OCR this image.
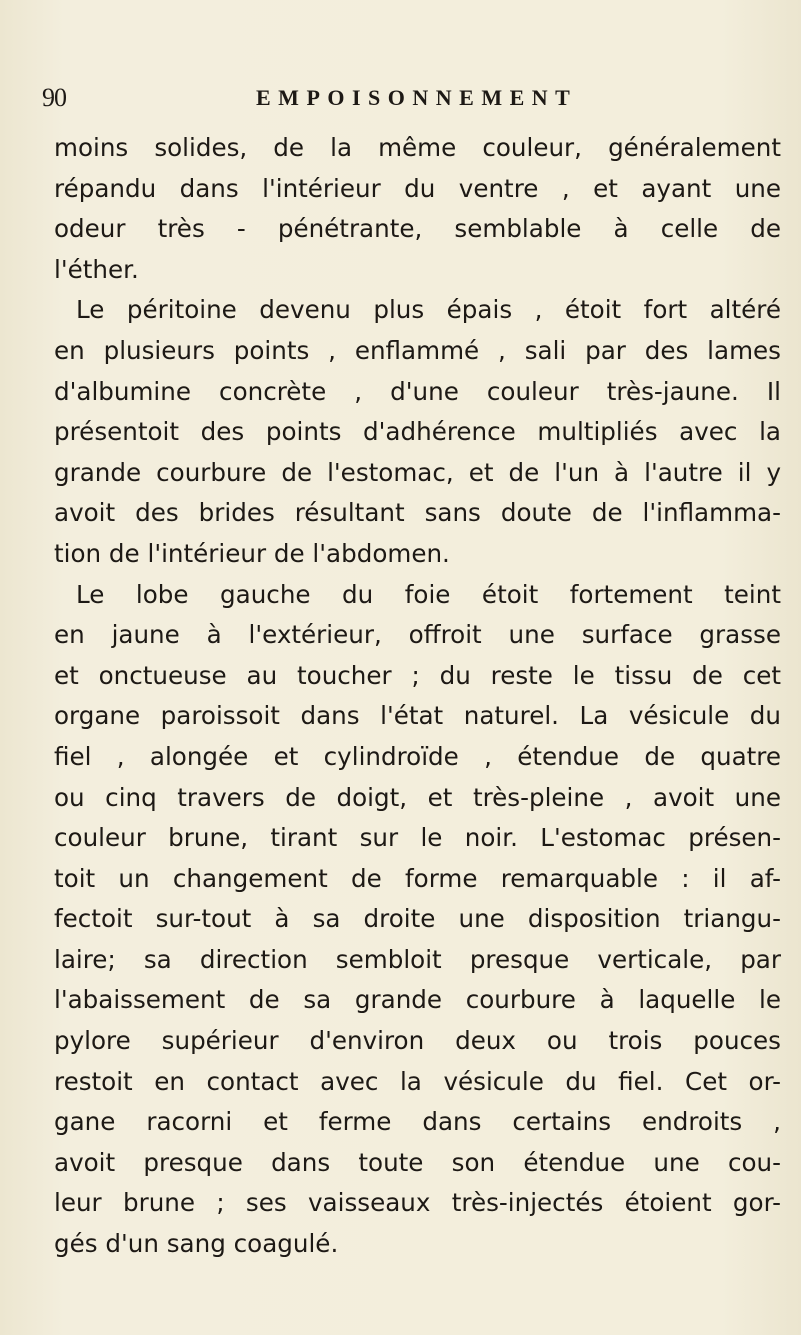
90	EMPOISONNEMENT
moins solides, de la même couleur, généralement
répandu dans l'intérieur du ventre , et ayant une
odeur très - pénétrante, semblable à celle de
l'éther.
Le péritoine devenu plus épais , étoit fort altéré
en plusieurs points , enflammé , sali par des lames
d'albumine concrète , d'une couleur très-jaune. Il
présentoit des points d'adhérence multipliés avec la
grande courbure de l'estomac, et de l'un à l'autre il y
avoit des brides résultant sans doute de l'inflamma-
tion de l'intérieur de l'abdomen.
Le lobe gauche du foie étoit fortement teint
en jaune à l'extérieur, offroit une surface grasse
et onctueuse au toucher ; du reste le tissu de cet
organe paroissoit dans l'état naturel. La vésicule du
fiel , alongée et cylindroïde , étendue de quatre
ou cinq travers de doigt, et très-pleine , avoit une
couleur brune, tirant sur le noir. L'estomac présen-
toit un changement de forme remarquable : il af-
fectoit sur-tout à sa droite une disposition triangu-
laire; sa direction sembloit presque verticale, par
l'abaissement de sa grande courbure à laquelle le
pylore supérieur d'environ deux ou trois pouces
restoit en contact avec la vésicule du fiel. Cet or-
gane racorni et ferme dans certains endroits ,
avoit presque dans toute son étendue une cou-
leur brune ; ses vaisseaux très-injectés étoient gor-
gés d'un sang coagulé.
